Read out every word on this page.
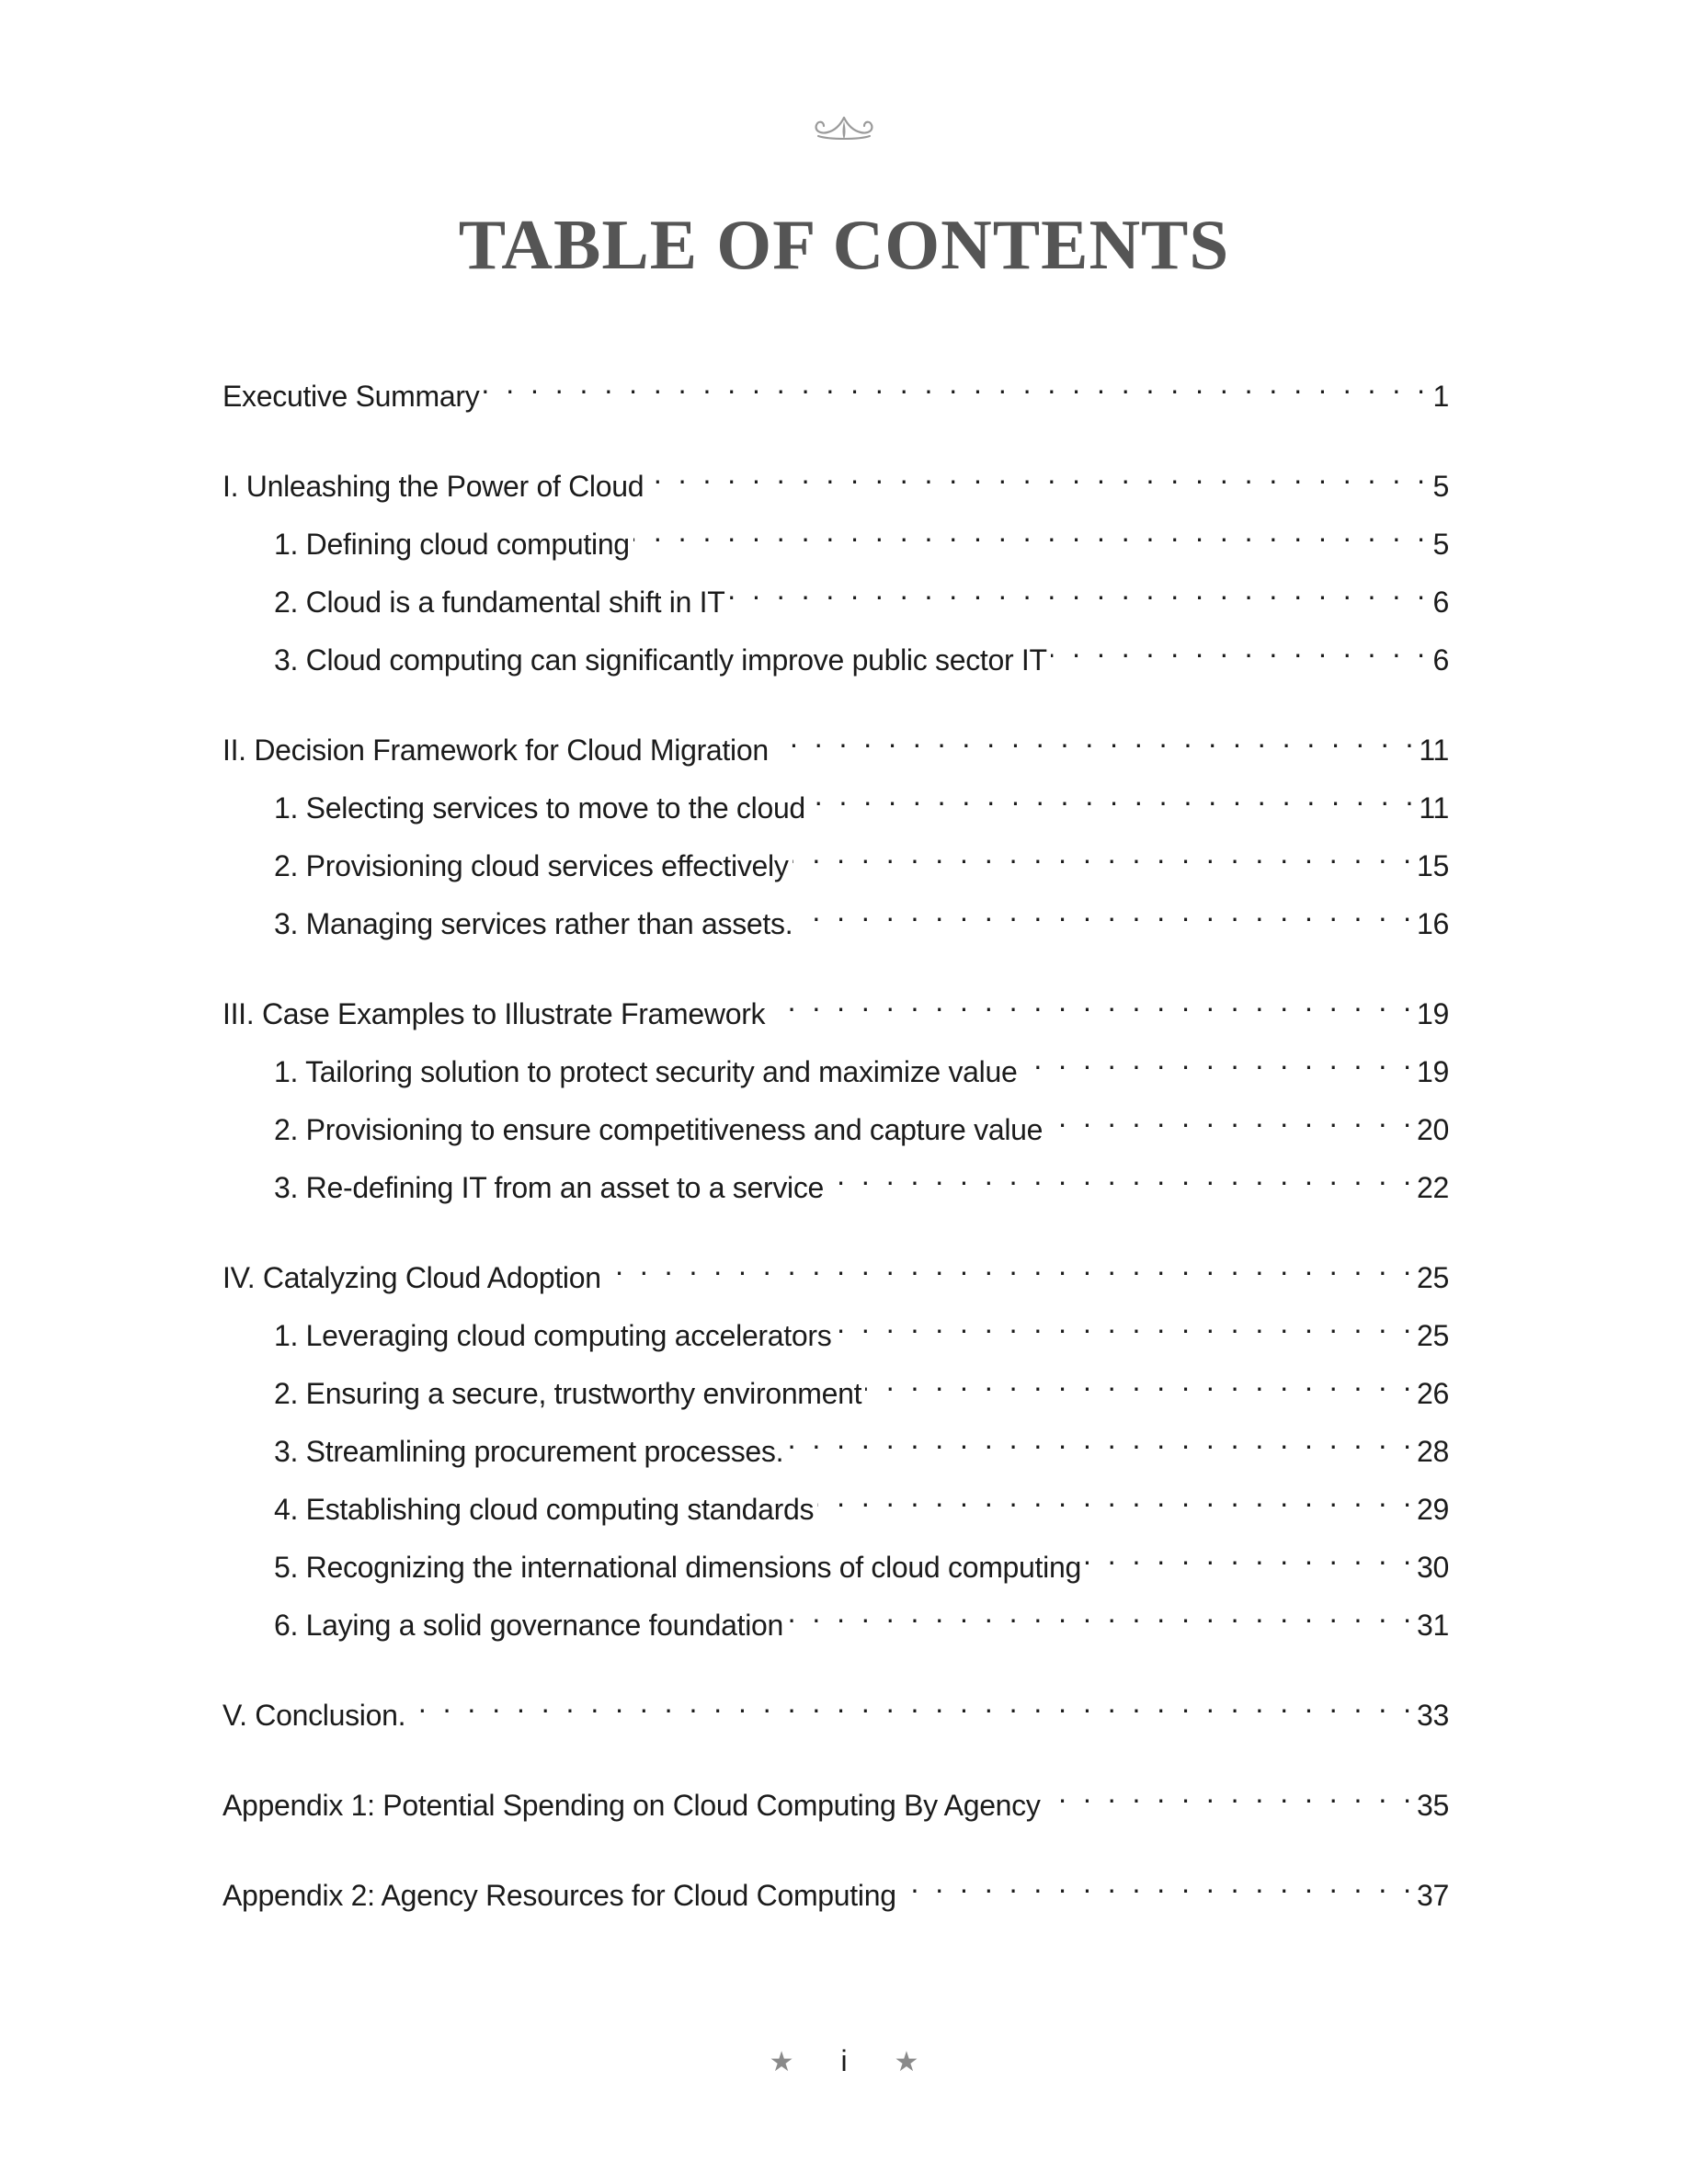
TABLE OF CONTENTS
Executive Summary . . .	1
I. Unleashing the Power of Cloud . . .	5
1. Defining cloud computing . . .	5
2. Cloud is a fundamental shift in IT . . .	6
3. Cloud computing can significantly improve public sector IT . . .	6
II. Decision Framework for Cloud Migration . . .	11
1. Selecting services to move to the cloud . . .	11
2. Provisioning cloud services effectively . . .	15
3. Managing services rather than assets. . . .	16
III. Case Examples to Illustrate Framework . . .	19
1. Tailoring solution to protect security and maximize value . . .	19
2. Provisioning to ensure competitiveness and capture value . . .	20
3. Re-defining IT from an asset to a service . . .	22
IV. Catalyzing Cloud Adoption . . .	25
1. Leveraging cloud computing accelerators . . .	25
2. Ensuring a secure, trustworthy environment . . .	26
3. Streamlining procurement processes. . . .	28
4. Establishing cloud computing standards . . .	29
5. Recognizing the international dimensions of cloud computing . . .	30
6. Laying a solid governance foundation . . .	31
V. Conclusion. . . .	33
Appendix 1: Potential Spending on Cloud Computing By Agency . . .	35
Appendix 2: Agency Resources for Cloud Computing . . .	37
★ i ★
